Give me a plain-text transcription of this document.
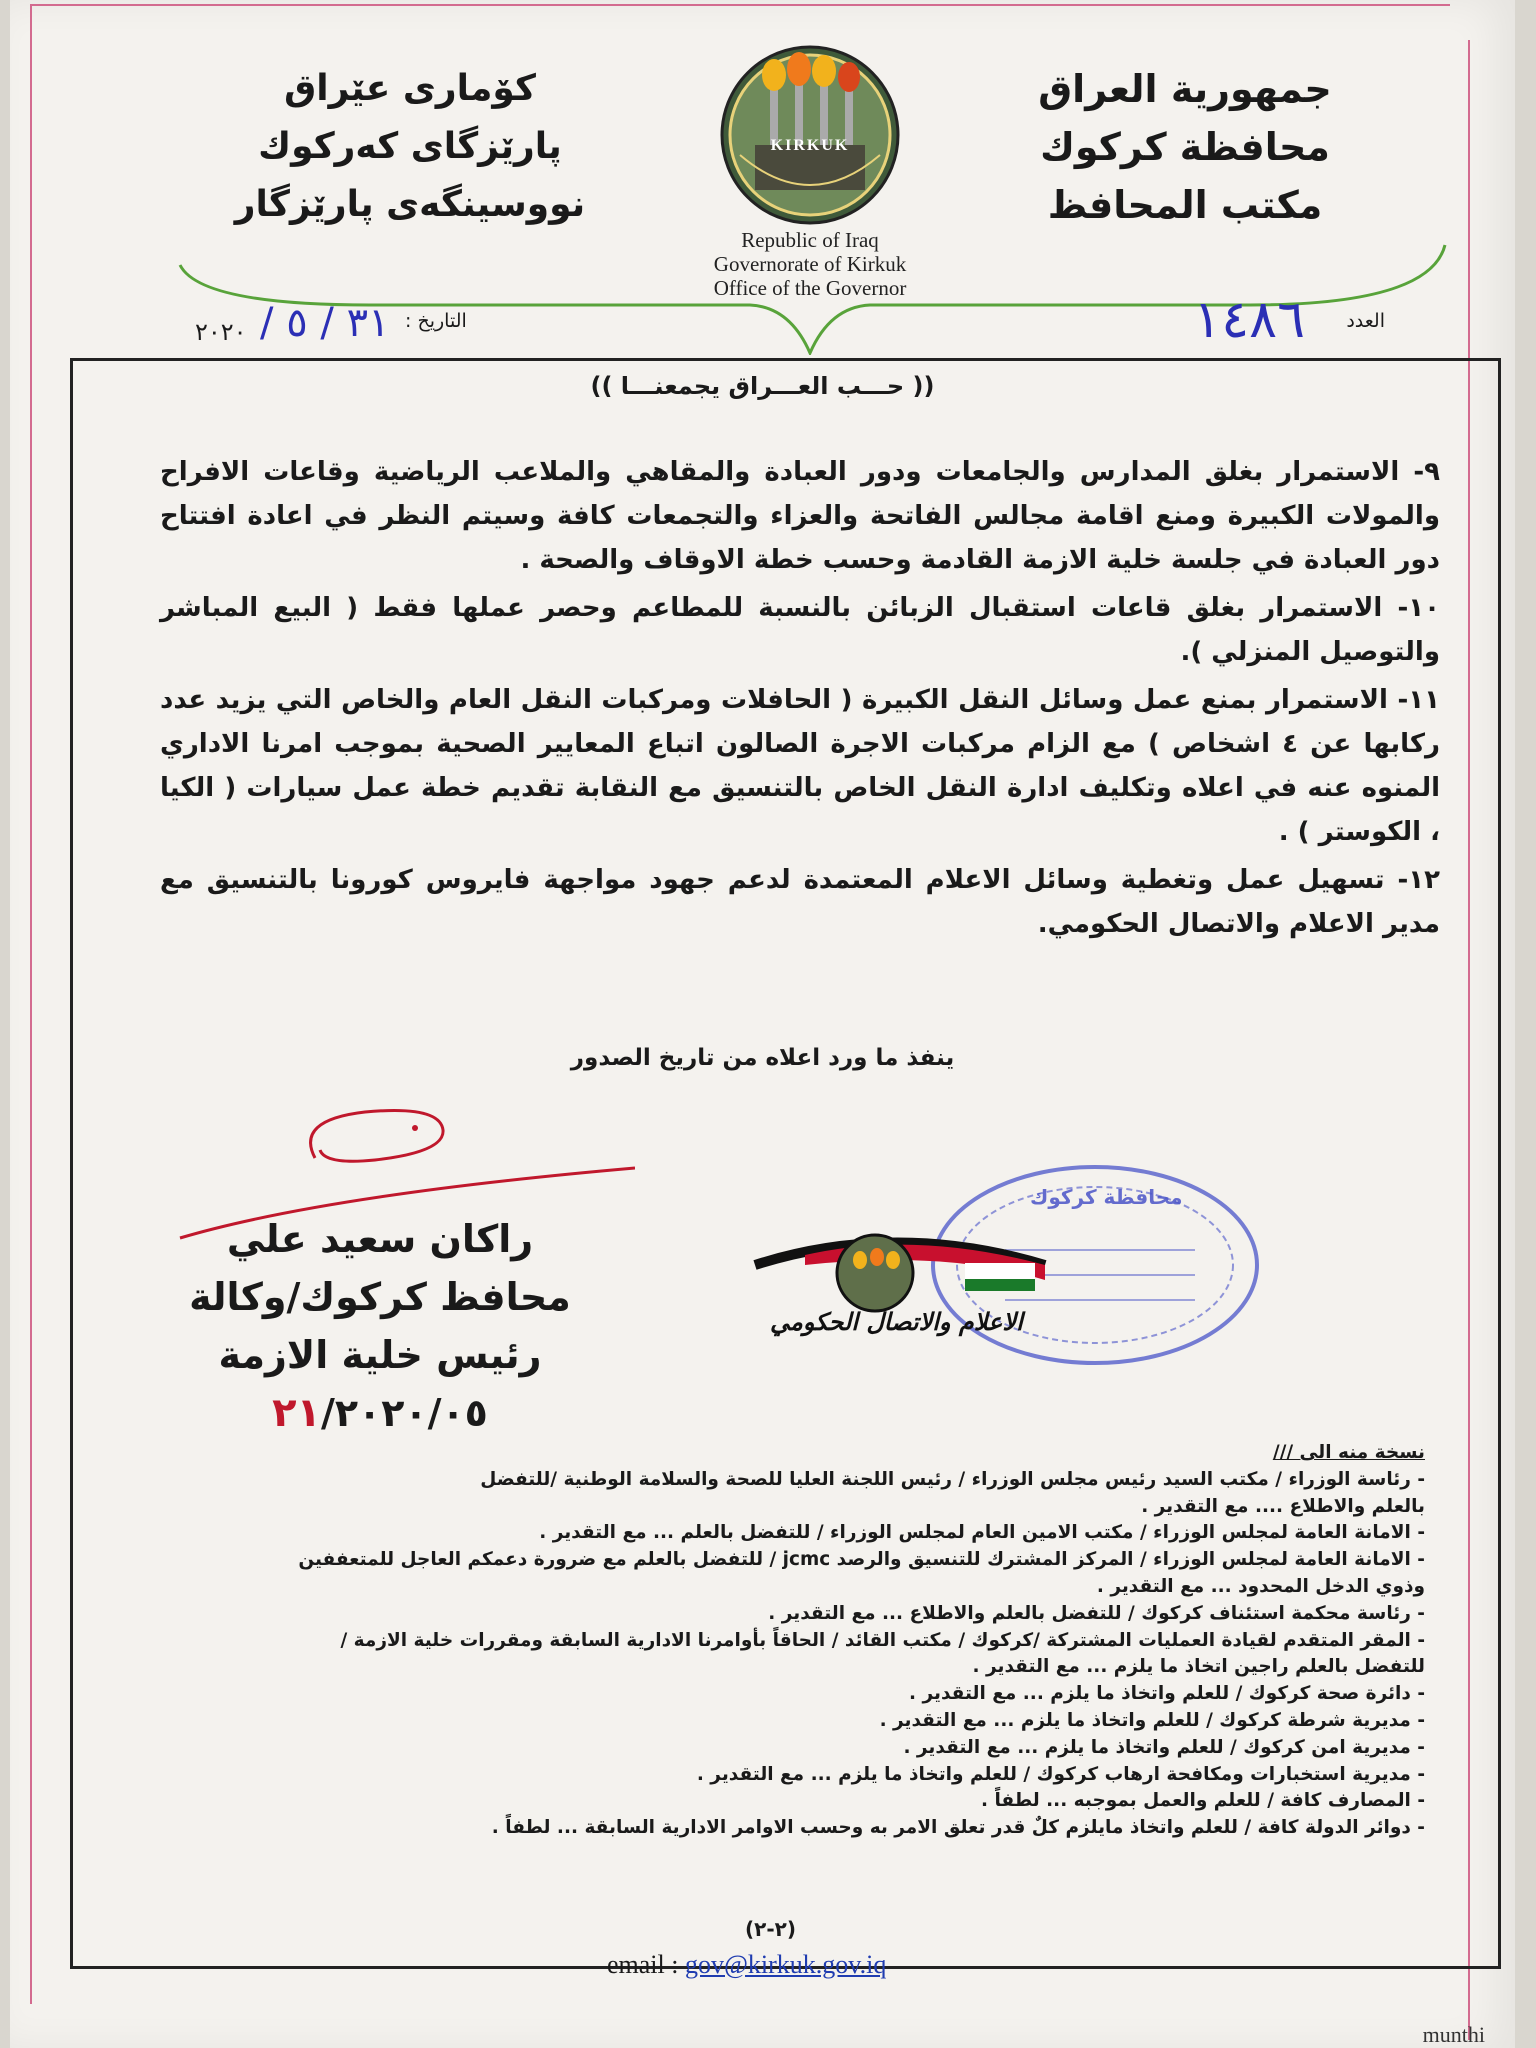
جمهورية العراق
محافظة كركوك
مكتب المحافظ
كۆماری عێراق
پارێزگای كەركوك
نووسینگەی پارێزگار
KIRKUK
Republic of Iraq
Governorate of Kirkuk
Office of the Governor
العدد
١٤٨٦
التاريخ :
٣١ / ٥ /
٢٠٢٠
(( حـــب العـــراق يجمعنـــا ))

٩- الاستمرار بغلق المدارس والجامعات ودور العبادة والمقاهي والملاعب الرياضية وقاعات الافراح والمولات الكبيرة ومنع اقامة مجالس الفاتحة والعزاء والتجمعات كافة وسيتم النظر في اعادة افتتاح دور العبادة في جلسة خلية الازمة القادمة وحسب خطة الاوقاف والصحة .

١٠- الاستمرار بغلق قاعات استقبال الزبائن بالنسبة للمطاعم وحصر عملها فقط ( البيع المباشر والتوصيل المنزلي ).

١١- الاستمرار بمنع عمل وسائل النقل الكبيرة ( الحافلات ومركبات النقل العام والخاص التي يزيد عدد ركابها عن ٤ اشخاص ) مع الزام مركبات الاجرة الصالون اتباع المعايير الصحية بموجب امرنا الاداري المنوه عنه في اعلاه وتكليف ادارة النقل الخاص بالتنسيق مع النقابة تقديم خطة عمل سيارات ( الكيا ، الكوستر ) .

١٢- تسهيل عمل وتغطية وسائل الاعلام المعتمدة لدعم جهود مواجهة فايروس كورونا بالتنسيق مع مدير الاعلام والاتصال الحكومي.

ينفذ ما ورد اعلاه من تاريخ الصدور
راكان سعيد علي
محافظ كركوك/وكالة
رئيس خلية الازمة
٢١/٢٠٢٠/٠٥
محافظة كركوك
الاعلام والاتصال الحكومي
نسخة منه الى ///
- رئاسة الوزراء / مكتب السيد رئيس مجلس الوزراء / رئيس اللجنة العليا للصحة والسلامة الوطنية /للتفضل
بالعلم والاطلاع .... مع التقدير .
- الامانة العامة لمجلس الوزراء / مكتب الامين العام لمجلس الوزراء / للتفضل بالعلم ... مع التقدير .
- الامانة العامة لمجلس الوزراء / المركز المشترك للتنسيق والرصد jcmc / للتفضل بالعلم مع ضرورة دعمكم العاجل للمتعففين
وذوي الدخل المحدود ... مع التقدير .
- رئاسة محكمة استئناف كركوك / للتفضل بالعلم والاطلاع ... مع التقدير .
- المقر المتقدم لقيادة العمليات المشتركة /كركوك / مكتب القائد / الحاقاً بأوامرنا الادارية السابقة ومقررات خلية الازمة /
للتفضل بالعلم راجين اتخاذ ما يلزم ... مع التقدير .
- دائرة صحة كركوك / للعلم واتخاذ ما يلزم ... مع التقدير .
- مديرية شرطة كركوك / للعلم واتخاذ ما يلزم ... مع التقدير .
- مديرية امن كركوك / للعلم واتخاذ ما يلزم ... مع التقدير .
- مديرية استخبارات ومكافحة ارهاب كركوك / للعلم واتخاذ ما يلزم ... مع التقدير .
- المصارف كافة / للعلم والعمل بموجبه ... لطفاً .
- دوائر الدولة كافة / للعلم واتخاذ مايلزم كلٌ قدر تعلق الامر به وحسب الاوامر الادارية السابقة ... لطفاً .
(٢-٢)
email : gov@kirkuk.gov.iq
munthi
